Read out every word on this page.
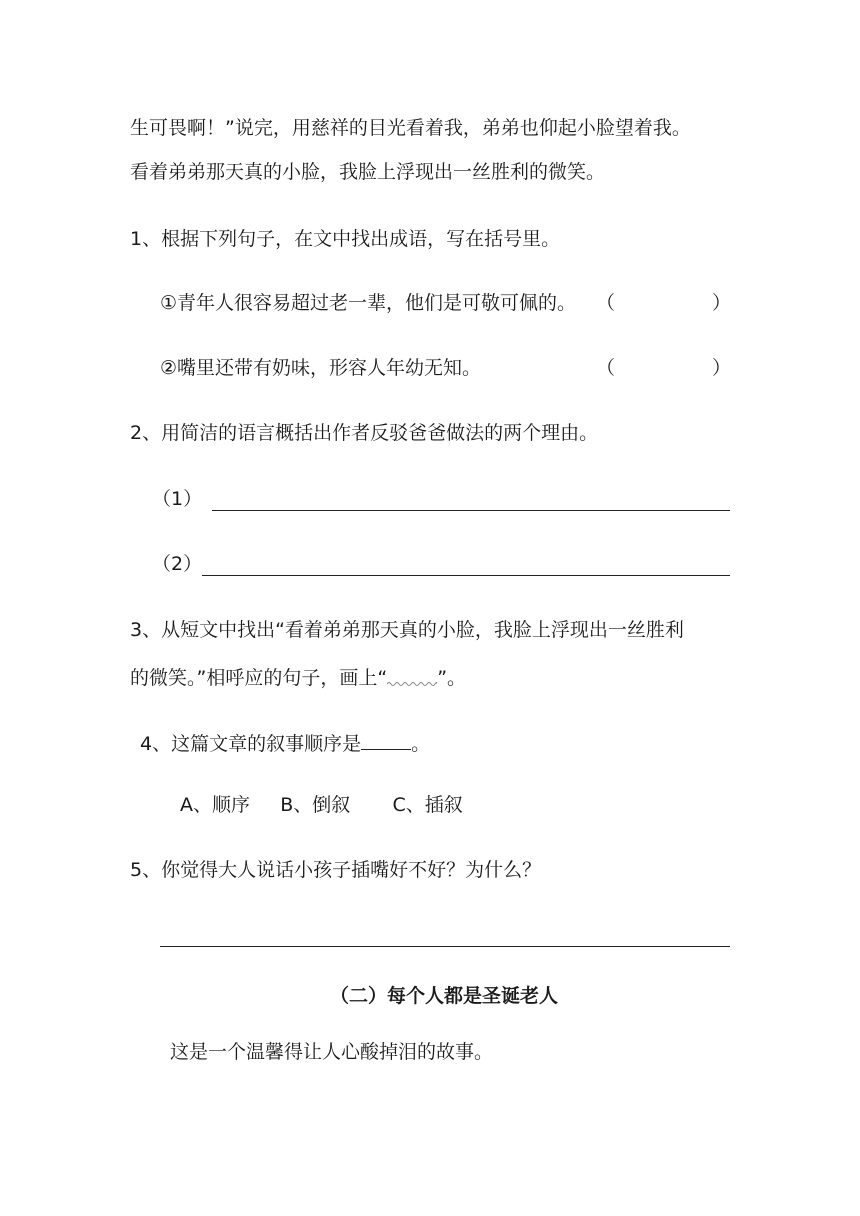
生可畏啊！”说完，用慈祥的目光看着我，弟弟也仰起小脸望着我。
看着弟弟那天真的小脸，我脸上浮现出一丝胜利的微笑。
1、根据下列句子，在文中找出成语，写在括号里。
①青年人很容易超过老一辈，他们是可敬可佩的。 （	）
②嘴里还带有奶味，形容人年幼无知。	（	）
2、用简洁的语言概括出作者反驳爸爸做法的两个理由。
（1）
（2）
3、从短文中找出“看着弟弟那天真的小脸，我脸上浮现出一丝胜利
的微笑。”相呼应的句子，画上“	”。
4、这篇文章的叙事顺序是	。
A、顺序     B、倒叙       C、插叙
5、你觉得大人说话小孩子插嘴好不好？为什么？
（二）每个人都是圣诞老人
这是一个温馨得让人心酸掉泪的故事。
